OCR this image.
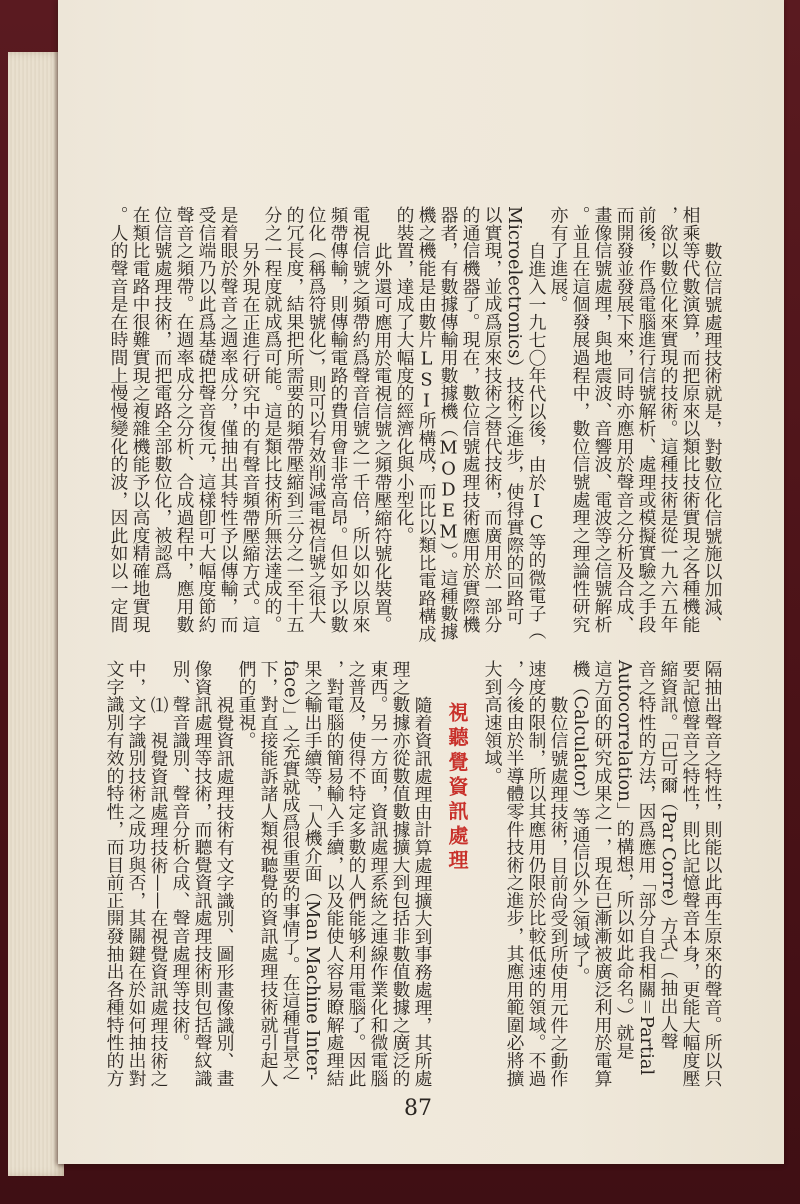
數位信號處理技術就是，對數位化信號施以加減、
相乘等代數演算，而把原來以類比技術實現之各種機能
，欲以數位化來實現的技術。這種技術是從一九六五年
前後，作爲電腦進行信號解析、處理或模擬實驗之手段
而開發並發展下來，同時亦應用於聲音之分析及合成、
畫像信號處理，與地震波、音響波、電波等之信號解析
。並且在這個發展過程中，數位信號處理之理論性研究
亦有了進展。
自進入一九七〇年代以後，由於IC等的微電子（
Microelectronics）技術之進步，使得實際的回路可
以實現，並成爲原來技術之替代技術，而廣用於一部分
的通信機器了。現在，數位信號處理技術應用於實際機
器者，有數據傳輸用數據機（MODEM）。這種數據
機之機能是由數片LSI所構成，而比以類比電路構成
的裝置，達成了大幅度的經濟化與小型化。
此外還可應用於電視信號之頻帶壓縮符號化裝置。
電視信號之頻帶約爲聲音信號之一千倍，所以如以原來
頻帶傳輸，則傳輸電路的費用會非常高昂。但如予以數
位化（稱爲符號化），則可以有效削減電視信號之很大
的冗長度，結果把所需要的頻帶壓縮到三分之一至十五
分之一程度就成爲可能。這是類比技術所無法達成的。
另外現在正進行研究中的有聲音頻帶壓縮方式。這
是着眼於聲音之週率成分，僅抽出其特性予以傳輸，而
受信端乃以此爲基礎把聲音復元，這樣卽可大幅度節約
聲音之頻帶。在週率成分之分析、合成過程中，應用數
位信號處理技術，而把電路全部數位化，被認爲
在類比電路中很難實現之複雜機能予以高度精確地實現
。人的聲音是在時間上慢慢變化的波，因此如以一定間
隔抽出聲音之特性，則能以此再生原來的聲音。所以只
要記憶聲音之特性，則比記憶聲音本身，更能大幅度壓
縮資訊。「巴可爾（Par Corre）方式」（抽出人聲
音之特性的方法，因爲應用「部分自我相關＝Partial
Autocorrelation」的構想，所以如此命名。）就是
這方面的研究成果之一，現在已漸漸被廣泛利用於電算
機（Calculator）等通信以外之領域了。
數位信號處理技術，目前尙受到所使用元件之動作
速度的限制，所以其應用仍限於比較低速的領域。不過
，今後由於半導體零件技術之進步，其應用範圍必將擴
大到高速領域。
視聽覺資訊處理
隨着資訊處理由計算處理擴大到事務處理，其所處
理之數據亦從數值數據擴大到包括非數值數據之廣泛的
東西。另一方面，資訊處理系統之連線作業化和微電腦
之普及，使得不特定多數的人們能够利用電腦了。因此
，對電腦的簡易輸入手續，以及能使人容易瞭解處理結
果之輸出手續等，「人機介面（Man Machine Inter-
face）」之充實就成爲很重要的事情了。在這種背景之
下，對直接能訴諸人類視聽覺的資訊處理技術就引起人
們的重視。
視覺資訊處理技術有文字識別、圖形畫像識別、畫
像資訊處理等技術，而聽覺資訊處理技術則包括聲紋識
別、聲音識別、聲音分析合成、聲音處理等技術。
⑴　視覺資訊處理技術——在視覺資訊處理技術之
中，文字識別技術之成功與否，其關鍵在於如何抽出對
文字識別有效的特性，而目前正開發抽出各種特性的方
87
